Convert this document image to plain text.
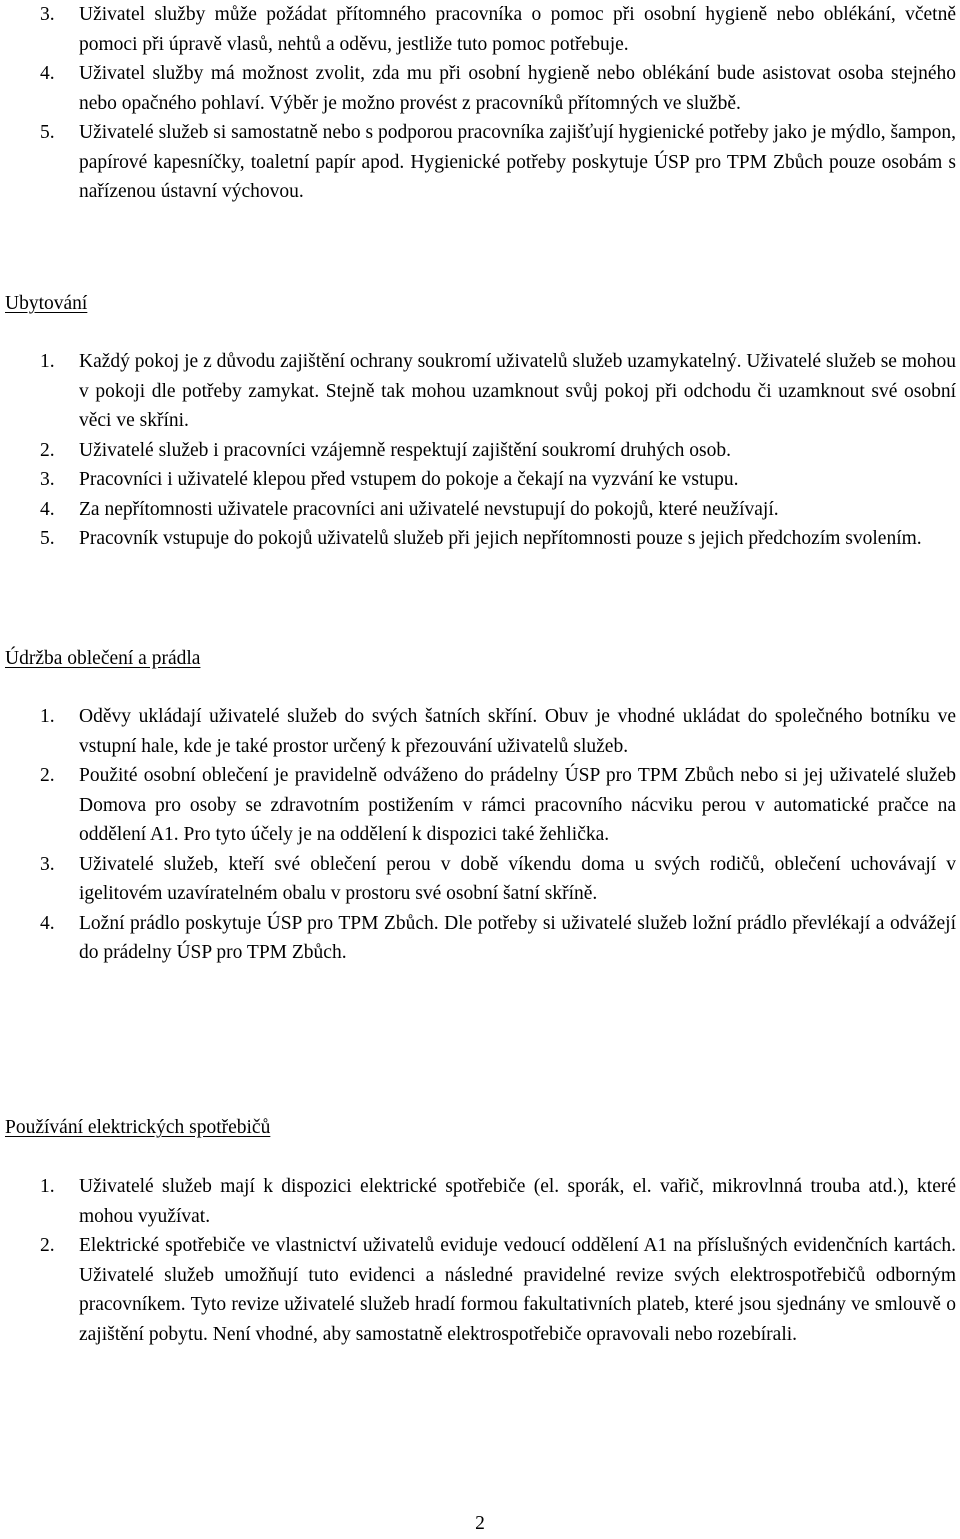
3. Uživatel služby může požádat přítomného pracovníka o pomoc při osobní hygieně nebo oblékání, včetně pomoci při úpravě vlasů, nehtů a oděvu, jestliže tuto pomoc potřebuje.
4. Uživatel služby má možnost zvolit, zda mu při osobní hygieně nebo oblékání bude asistovat osoba stejného nebo opačného pohlaví. Výběr je možno provést z pracovníků přítomných ve službě.
5. Uživatelé služeb si samostatně nebo s podporou pracovníka zajišťují hygienické potřeby jako je mýdlo, šampon, papírové kapesníčky, toaletní papír apod. Hygienické potřeby poskytuje ÚSP pro TPM Zbůch pouze osobám s nařízenou ústavní výchovou.
Ubytování
1. Každý pokoj je z důvodu zajištění ochrany soukromí uživatelů služeb uzamykatelný. Uživatelé služeb se mohou v pokoji dle potřeby zamykat. Stejně tak mohou uzamknout svůj pokoj při odchodu či uzamknout své osobní věci ve skříni.
2. Uživatelé služeb i pracovníci vzájemně respektují zajištění soukromí druhých osob.
3. Pracovníci i uživatelé klepou před vstupem do pokoje a čekají na vyzvání ke vstupu.
4. Za nepřítomnosti uživatele pracovníci ani uživatelé nevstupují do pokojů, které neužívají.
5. Pracovník vstupuje do pokojů uživatelů služeb při jejich nepřítomnosti pouze s jejich předchozím svolením.
Údržba oblečení a prádla
1. Oděvy ukládají uživatelé služeb do svých šatních skříní. Obuv je vhodné ukládat do společného botníku ve vstupní hale, kde je také prostor určený k přezouvání uživatelů služeb.
2. Použité osobní oblečení je pravidelně odváženo do prádelny ÚSP pro TPM Zbůch nebo si jej uživatelé služeb Domova pro osoby se zdravotním postižením v rámci pracovního nácviku perou v automatické pračce na oddělení A1. Pro tyto účely je na oddělení k dispozici také žehlička.
3. Uživatelé služeb, kteří své oblečení perou v době víkendu doma u svých rodičů, oblečení uchovávají v igelitovém uzavíratelném obalu v prostoru své osobní šatní skříně.
4. Ložní prádlo poskytuje ÚSP pro TPM Zbůch. Dle potřeby si uživatelé služeb ložní prádlo převlékají a odvážejí do prádelny ÚSP pro TPM Zbůch.
Používání elektrických spotřebičů
1. Uživatelé služeb mají k dispozici elektrické spotřebiče (el. sporák, el. vařič, mikrovlnná trouba atd.), které mohou využívat.
2. Elektrické spotřebiče ve vlastnictví uživatelů eviduje vedoucí oddělení A1 na příslušných evidenčních kartách. Uživatelé služeb umožňují tuto evidenci a následné pravidelné revize svých elektrospotřebičů odborným pracovníkem. Tyto revize uživatelé služeb hradí formou fakultativních plateb, které jsou sjednány ve smlouvě o zajištění pobytu. Není vhodné, aby samostatně elektrospotřebiče opravovali nebo rozebírali.
2
